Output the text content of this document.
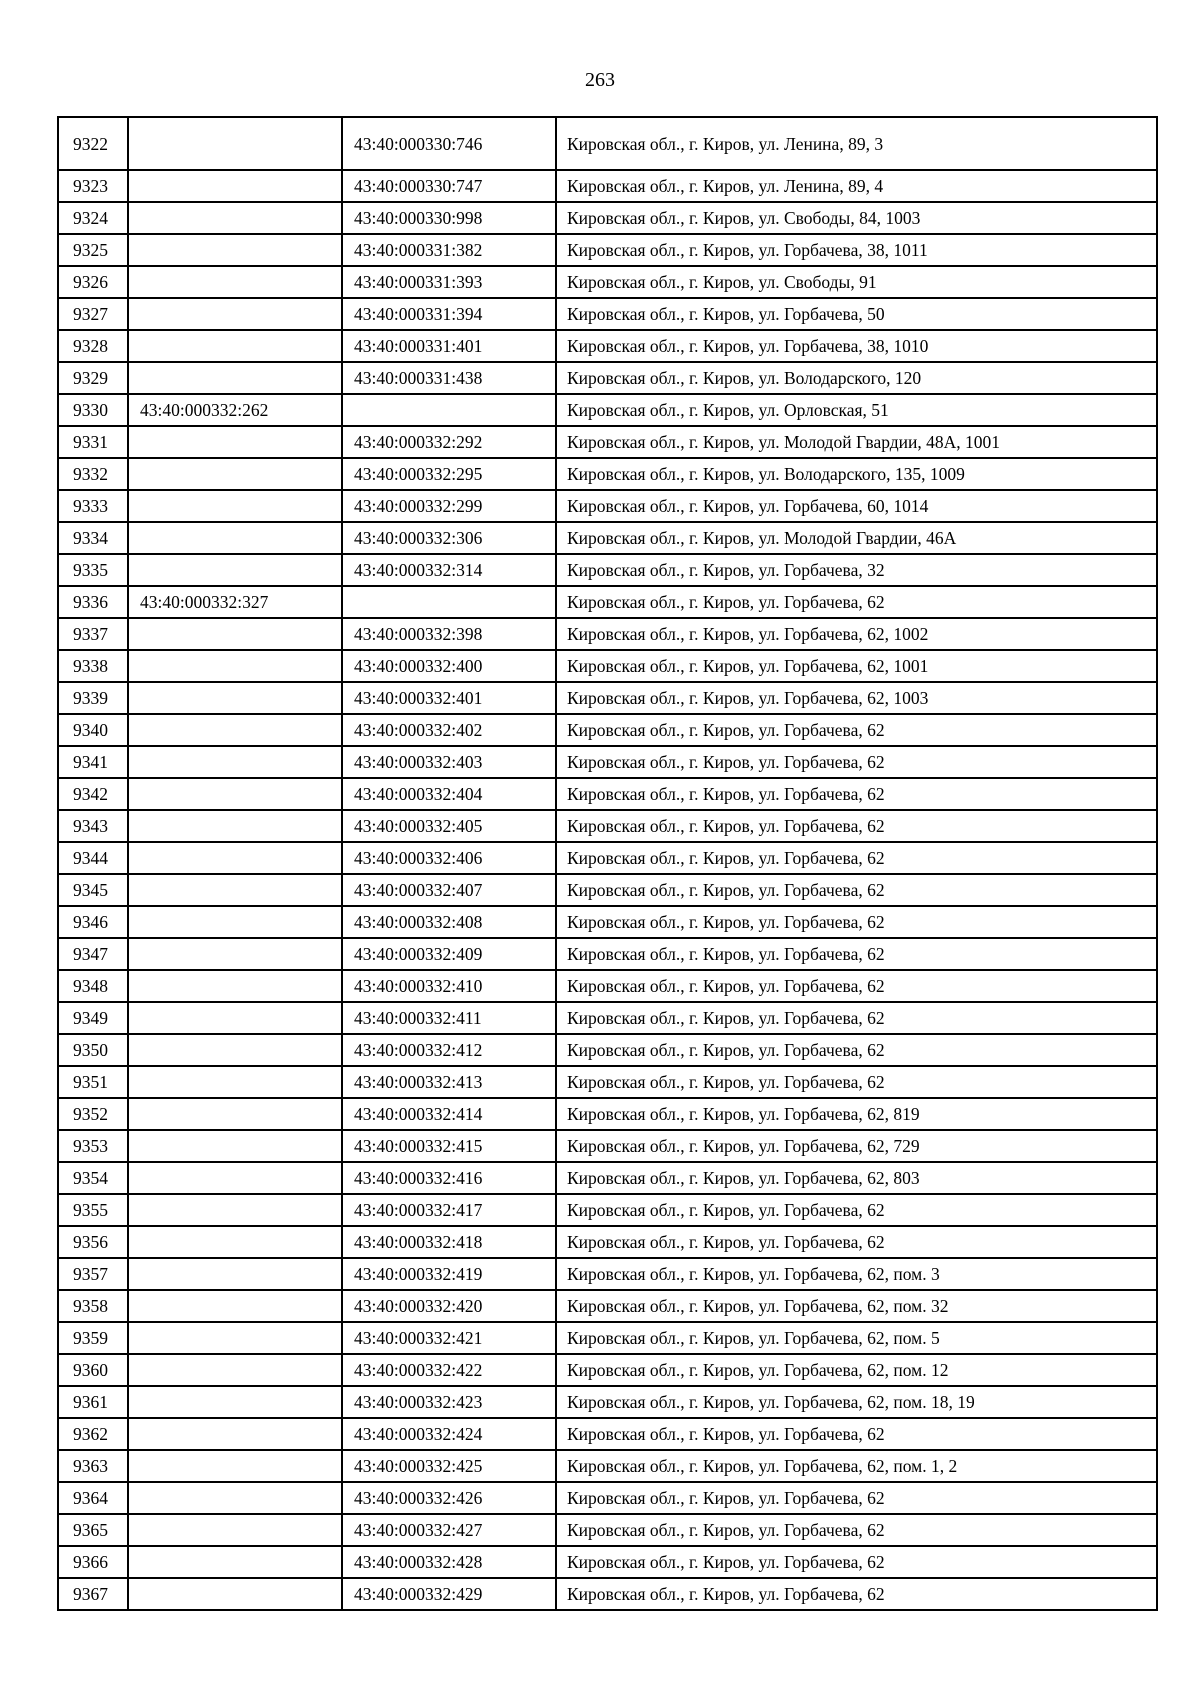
263
9322		43:40:000330:746	Кировская обл., г. Киров, ул. Ленина, 89, 3
9323		43:40:000330:747	Кировская обл., г. Киров, ул. Ленина, 89, 4
9324		43:40:000330:998	Кировская обл., г. Киров, ул. Свободы, 84, 1003
9325		43:40:000331:382	Кировская обл., г. Киров, ул. Горбачева, 38, 1011
9326		43:40:000331:393	Кировская обл., г. Киров, ул. Свободы, 91
9327		43:40:000331:394	Кировская обл., г. Киров, ул. Горбачева, 50
9328		43:40:000331:401	Кировская обл., г. Киров, ул. Горбачева, 38, 1010
9329		43:40:000331:438	Кировская обл., г. Киров, ул. Володарского, 120
9330	43:40:000332:262		Кировская обл., г. Киров, ул. Орловская, 51
9331		43:40:000332:292	Кировская обл., г. Киров, ул. Молодой Гвардии, 48А, 1001
9332		43:40:000332:295	Кировская обл., г. Киров, ул. Володарского, 135, 1009
9333		43:40:000332:299	Кировская обл., г. Киров, ул. Горбачева, 60, 1014
9334		43:40:000332:306	Кировская обл., г. Киров, ул. Молодой Гвардии, 46А
9335		43:40:000332:314	Кировская обл., г. Киров, ул. Горбачева, 32
9336	43:40:000332:327		Кировская обл., г. Киров, ул. Горбачева, 62
9337		43:40:000332:398	Кировская обл., г. Киров, ул. Горбачева, 62, 1002
9338		43:40:000332:400	Кировская обл., г. Киров, ул. Горбачева, 62, 1001
9339		43:40:000332:401	Кировская обл., г. Киров, ул. Горбачева, 62, 1003
9340		43:40:000332:402	Кировская обл., г. Киров, ул. Горбачева, 62
9341		43:40:000332:403	Кировская обл., г. Киров, ул. Горбачева, 62
9342		43:40:000332:404	Кировская обл., г. Киров, ул. Горбачева, 62
9343		43:40:000332:405	Кировская обл., г. Киров, ул. Горбачева, 62
9344		43:40:000332:406	Кировская обл., г. Киров, ул. Горбачева, 62
9345		43:40:000332:407	Кировская обл., г. Киров, ул. Горбачева, 62
9346		43:40:000332:408	Кировская обл., г. Киров, ул. Горбачева, 62
9347		43:40:000332:409	Кировская обл., г. Киров, ул. Горбачева, 62
9348		43:40:000332:410	Кировская обл., г. Киров, ул. Горбачева, 62
9349		43:40:000332:411	Кировская обл., г. Киров, ул. Горбачева, 62
9350		43:40:000332:412	Кировская обл., г. Киров, ул. Горбачева, 62
9351		43:40:000332:413	Кировская обл., г. Киров, ул. Горбачева, 62
9352		43:40:000332:414	Кировская обл., г. Киров, ул. Горбачева, 62, 819
9353		43:40:000332:415	Кировская обл., г. Киров, ул. Горбачева, 62, 729
9354		43:40:000332:416	Кировская обл., г. Киров, ул. Горбачева, 62, 803
9355		43:40:000332:417	Кировская обл., г. Киров, ул. Горбачева, 62
9356		43:40:000332:418	Кировская обл., г. Киров, ул. Горбачева, 62
9357		43:40:000332:419	Кировская обл., г. Киров, ул. Горбачева, 62, пом. 3
9358		43:40:000332:420	Кировская обл., г. Киров, ул. Горбачева, 62, пом. 32
9359		43:40:000332:421	Кировская обл., г. Киров, ул. Горбачева, 62, пом. 5
9360		43:40:000332:422	Кировская обл., г. Киров, ул. Горбачева, 62, пом. 12
9361		43:40:000332:423	Кировская обл., г. Киров, ул. Горбачева, 62, пом. 18, 19
9362		43:40:000332:424	Кировская обл., г. Киров, ул. Горбачева, 62
9363		43:40:000332:425	Кировская обл., г. Киров, ул. Горбачева, 62, пом. 1, 2
9364		43:40:000332:426	Кировская обл., г. Киров, ул. Горбачева, 62
9365		43:40:000332:427	Кировская обл., г. Киров, ул. Горбачева, 62
9366		43:40:000332:428	Кировская обл., г. Киров, ул. Горбачева, 62
9367		43:40:000332:429	Кировская обл., г. Киров, ул. Горбачева, 62
